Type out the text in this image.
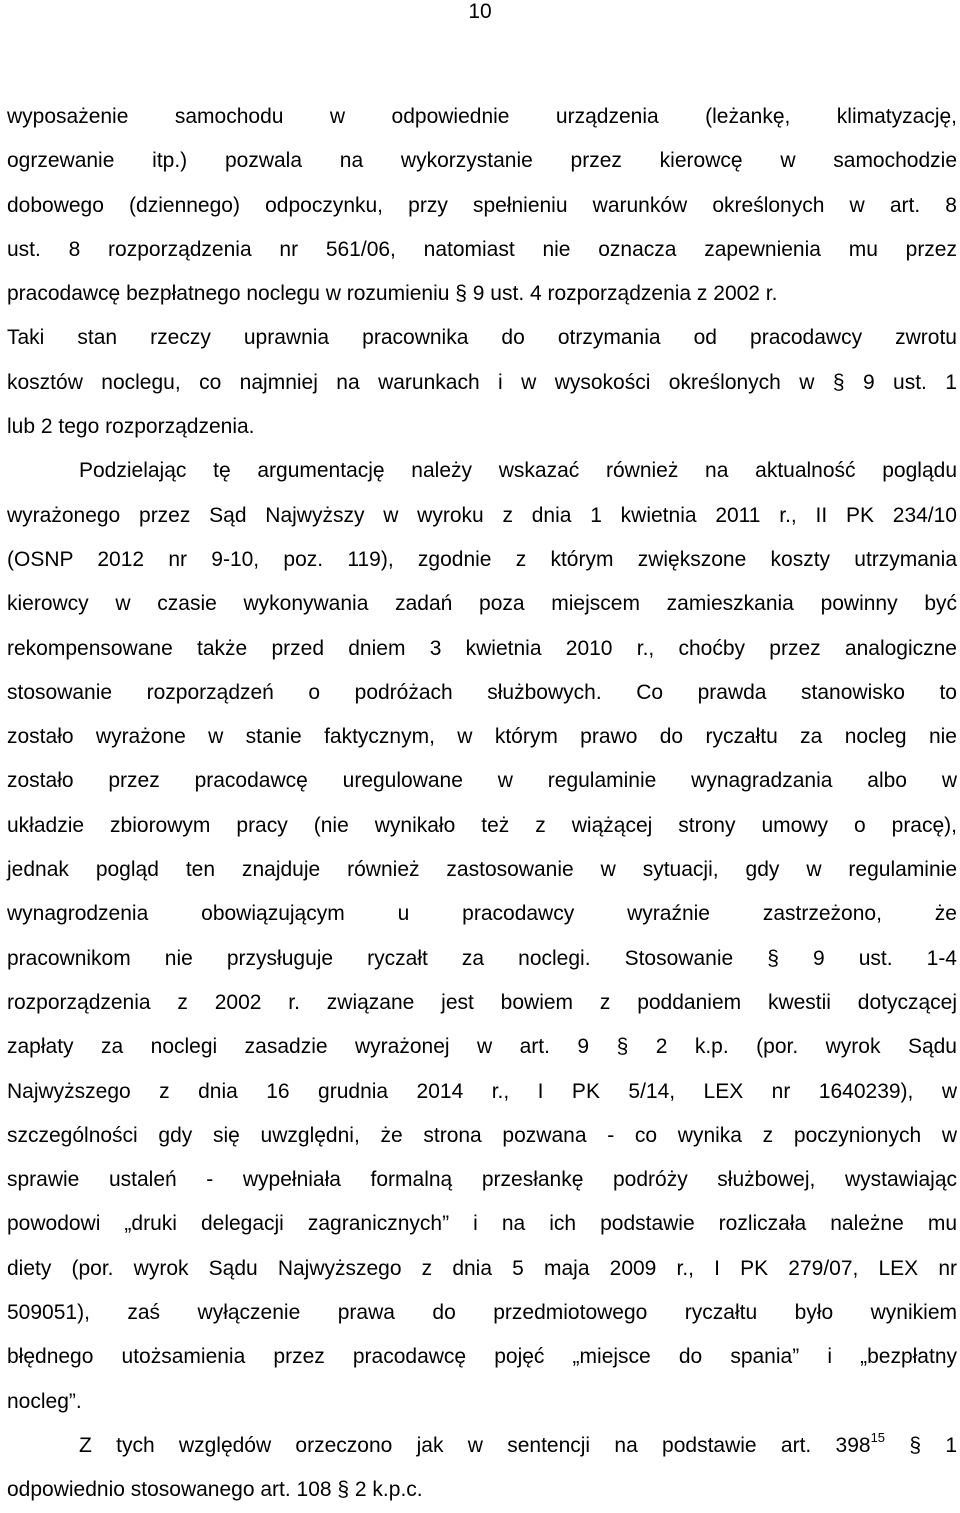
10
wyposażenie samochodu w odpowiednie urządzenia (leżankę, klimatyzację,
ogrzewanie itp.) pozwala na wykorzystanie przez kierowcę w samochodzie
dobowego (dziennego) odpoczynku, przy spełnieniu warunków określonych w art. 8
ust. 8 rozporządzenia nr 561/06, natomiast nie oznacza zapewnienia mu przez
pracodawcę bezpłatnego noclegu w rozumieniu § 9 ust. 4 rozporządzenia z 2002 r.
Taki stan rzeczy uprawnia pracownika do otrzymania od pracodawcy zwrotu
kosztów noclegu, co najmniej na warunkach i w wysokości określonych w § 9 ust. 1
lub 2 tego rozporządzenia.
Podzielając tę argumentację należy wskazać również na aktualność poglądu
wyrażonego przez Sąd Najwyższy w wyroku z dnia 1 kwietnia 2011 r., II PK 234/10
(OSNP 2012 nr 9-10, poz. 119), zgodnie z którym zwiększone koszty utrzymania
kierowcy w czasie wykonywania zadań poza miejscem zamieszkania powinny być
rekompensowane także przed dniem 3 kwietnia 2010 r., choćby przez analogiczne
stosowanie rozporządzeń o podróżach służbowych. Co prawda stanowisko to
zostało wyrażone w stanie faktycznym, w którym prawo do ryczałtu za nocleg nie
zostało przez pracodawcę uregulowane w regulaminie wynagradzania albo w
układzie zbiorowym pracy (nie wynikało też z wiążącej strony umowy o pracę),
jednak pogląd ten znajduje również zastosowanie w sytuacji, gdy w regulaminie
wynagrodzenia obowiązującym u pracodawcy wyraźnie zastrzeżono, że
pracownikom nie przysługuje ryczałt za noclegi. Stosowanie § 9 ust. 1-4
rozporządzenia z 2002 r. związane jest bowiem z poddaniem kwestii dotyczącej
zapłaty za noclegi zasadzie wyrażonej w art. 9 § 2 k.p. (por. wyrok Sądu
Najwyższego z dnia 16 grudnia 2014 r., I PK 5/14, LEX nr 1640239), w
szczególności gdy się uwzględni, że strona pozwana - co wynika z poczynionych w
sprawie ustaleń - wypełniała formalną przesłankę podróży służbowej, wystawiając
powodowi „druki delegacji zagranicznych” i na ich podstawie rozliczała należne mu
diety (por. wyrok Sądu Najwyższego z dnia 5 maja 2009 r., I PK 279/07, LEX nr
509051), zaś wyłączenie prawa do przedmiotowego ryczałtu było wynikiem
błędnego utożsamienia przez pracodawcę pojęć „miejsce do spania” i „bezpłatny
nocleg”.
Z tych względów orzeczono jak w sentencji na podstawie art. $398^{15}$ § 1
odpowiednio stosowanego art. 108 § 2 k.p.c.
